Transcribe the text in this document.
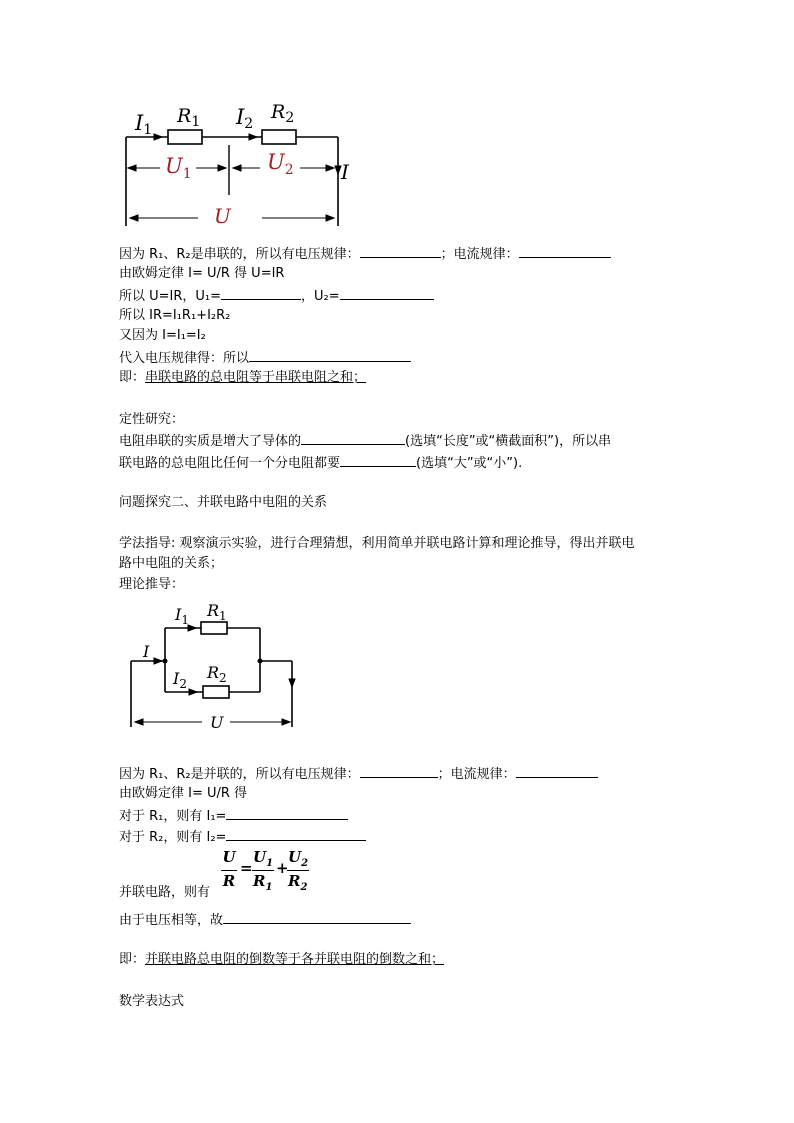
I1
$R_1$ I2
$R_2$
$U_1$	$U_2$ I
U
因为 R₁、R₂是串联的，所以有电压规律：	；电流规律：
由欧姆定律 I= U/R 得 U=IR
所以 U=IR，U₁=	，U₂=
所以 IR=I₁R₁+I₂R₂
又因为 I=I₁=I₂
代入电压规律得：所以
即：串联电路的总电阻等于串联电阻之和；
定性研究：
电阻串联的实质是增大了导体的	(选填“长度”或“横截面积”)，所以串
联电路的总电阻比任何一个分电阻都要	(选填“大”或“小”).
问题探究二、并联电路中电阻的关系
学法指导: 观察演示实验，进行合理猜想，利用简单并联电路计算和理论推导，得出并联电
路中电阻的关系；
理论推导：
$I_1$ $R_1$
I
$I_2$
$R_2$
U
因为 R₁、R₂是并联的，所以有电压规律：	；电流规律：
由欧姆定律 I= U/R 得
对于 R₁，则有 I₁=
对于 R₂，则有 I₂=
U
R
=
$U_1$
$R_1$
+
$U_2$
$R_2$
并联电路，则有
由于电压相等，故
即：并联电路总电阻的倒数等于各并联电阻的倒数之和；
数学表达式
